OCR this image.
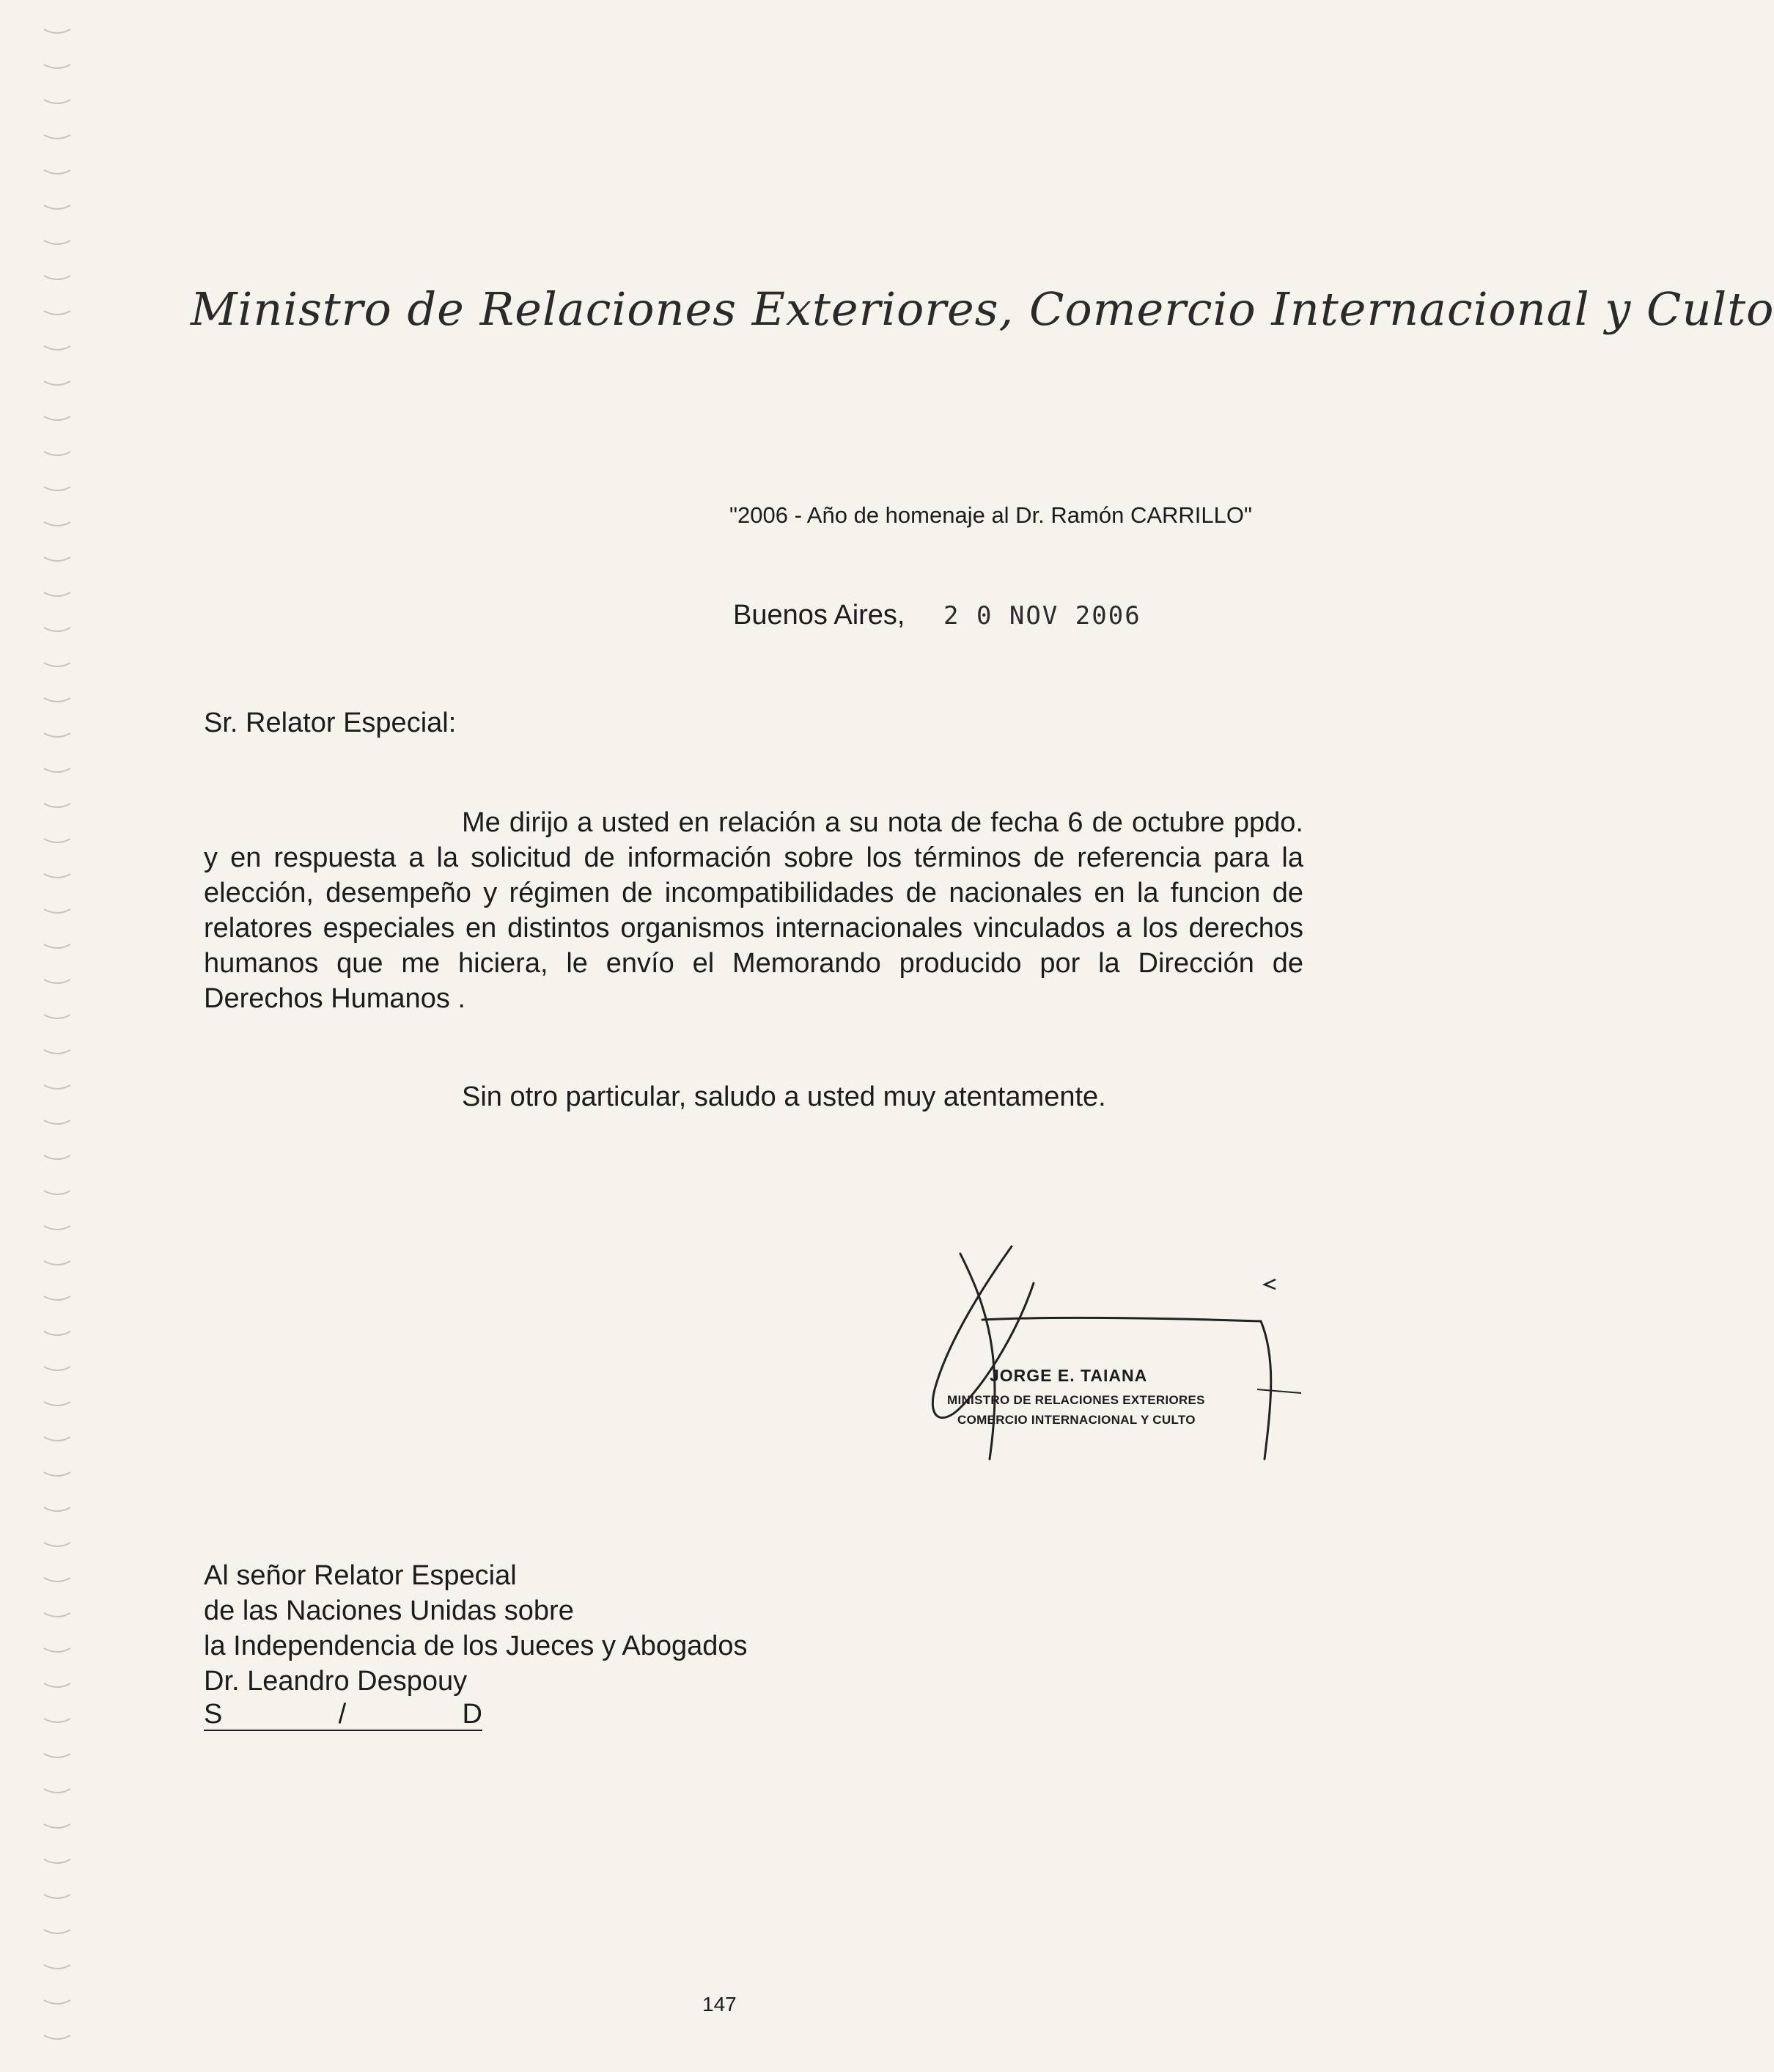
Ministro de Relaciones Exteriores, Comercio Internacional y Culto
"2006 - Año de homenaje al Dr. Ramón CARRILLO"
Buenos Aires, 2 0 NOV 2006
Sr. Relator Especial:

Me dirijo a usted en relación a su nota de fecha 6 de octubre ppdo. y en respuesta a la solicitud de información sobre los términos de referencia para la elección, desempeño y régimen de incompatibilidades de nacionales en la funcion de relatores especiales en distintos organismos internacionales vinculados a los derechos humanos que me hiciera, le envío el Memorando producido por la Dirección de Derechos Humanos .

Sin otro particular, saludo a usted muy atentamente.
JORGE E. TAIANA
MINISTRO DE RELACIONES EXTERIORES
COMERCIO INTERNACIONAL Y CULTO
Al señor Relator Especial
de las Naciones Unidas sobre
la Independencia de los Jueces y Abogados
Dr. Leandro Despouy
S	/	D
147
